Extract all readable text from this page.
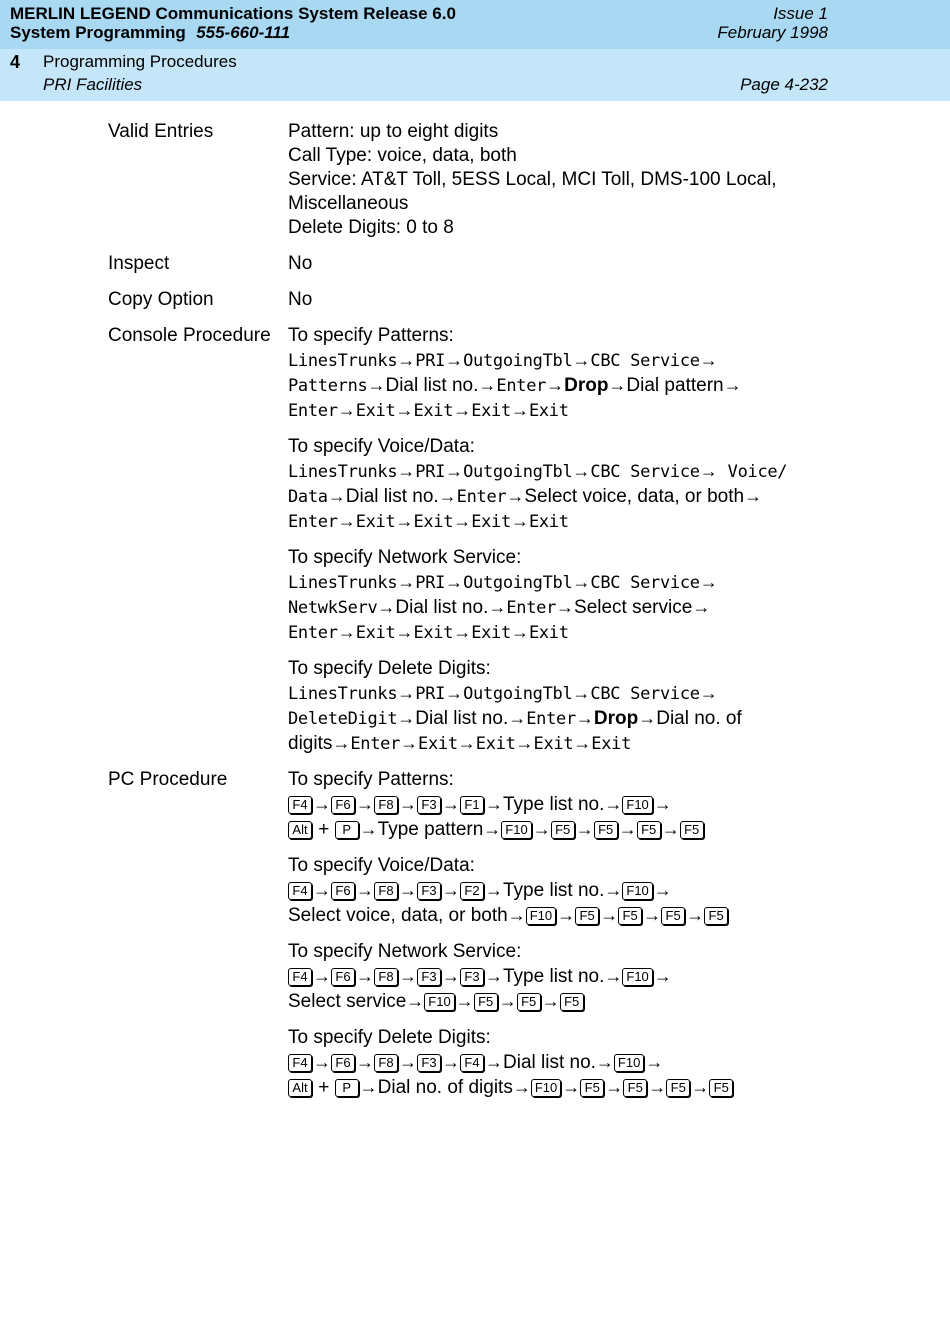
MERLIN LEGEND Communications System Release 6.0
System Programming 555-660-111
Issue 1
February 1998
4 Programming Procedures
PRI Facilities	Page 4-232
Valid Entries	Pattern: up to eight digits
Call Type: voice, data, both
Service: AT&T Toll, 5ESS Local, MCI Toll, DMS-100 Local,
Miscellaneous
Delete Digits: 0 to 8
Inspect	No
Copy Option	No
Console Procedure To specify Patterns:
LinesTrunks→PRI→OutgoingTbl→CBC Service→
Patterns→Dial list no.→Enter→Drop→Dial pattern→
Enter→Exit→Exit→Exit→Exit
To specify Voice/Data:
LinesTrunks→PRI→OutgoingTbl→CBC Service→ Voice/
Data→Dial list no.→Enter→Select voice, data, or both→
Enter→Exit→Exit→Exit→Exit
To specify Network Service:
LinesTrunks→PRI→OutgoingTbl→CBC Service→
NetwkServ→Dial list no.→Enter→Select service→
Enter→Exit→Exit→Exit→Exit
To specify Delete Digits:
LinesTrunks→PRI→OutgoingTbl→CBC Service→
DeleteDigit→Dial list no.→Enter→Drop→Dial no. of
digits→Enter→Exit→Exit→Exit→Exit
PC Procedure	To specify Patterns:
F4 → F6 → F8 → F3 → F1 →Type list no.→ F10 →
Alt + P →Type pattern→ F10 → F5 → F5 → F5 → F5
To specify Voice/Data:
F4 → F6 → F8 → F3 → F2 →Type list no.→ F10 →
Select voice, data, or both→ F10 → F5 → F5 → F5 → F5
To specify Network Service:
F4 → F6 → F8 → F3 → F3 →Type list no.→ F10 →
Select service→ F10 → F5 → F5 → F5
To specify Delete Digits:
F4 → F6 → F8 → F3 → F4 →Dial list no.→ F10 →
Alt + P →Dial no. of digits→ F10 → F5 → F5 → F5 → F5
